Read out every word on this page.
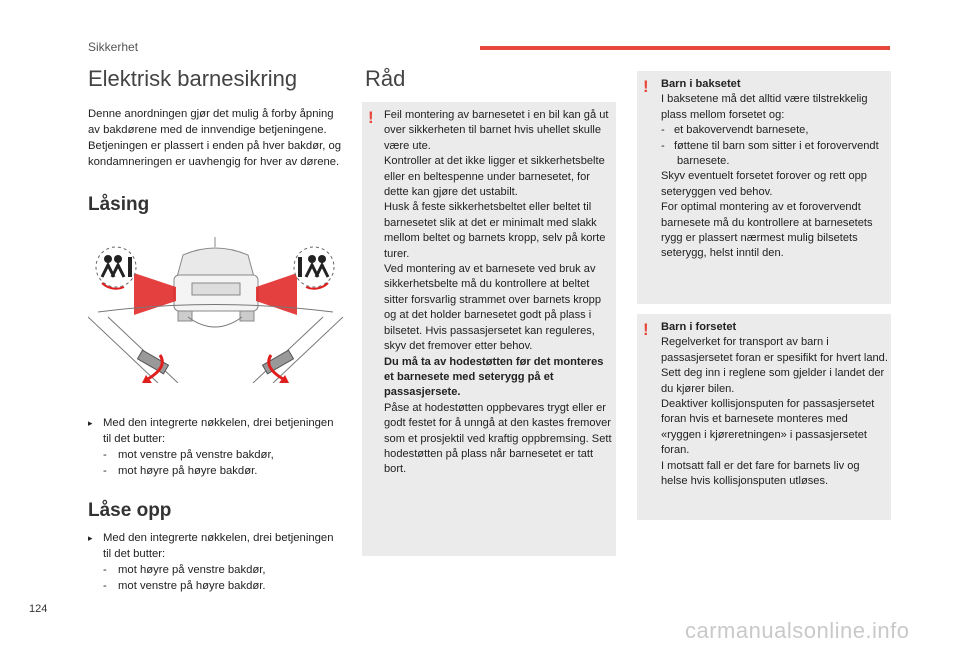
Sikkerhet
124
carmanualsonline.info
Elektrisk barnesikring

Denne anordningen gjør det mulig å forby åpning av bakdørene med de innvendige betjeningene.
Betjeningen er plassert i enden på hver bakdør, og kondamneringen er uavhengig for hver av dørene.

Låsing
▸ Med den integrerte nøkkelen, drei betjeningen til det butter:
- mot venstre på venstre bakdør,
- mot høyre på høyre bakdør.
Låse opp
▸ Med den integrerte nøkkelen, drei betjeningen til det butter:
- mot høyre på venstre bakdør,
- mot venstre på høyre bakdør.
Råd
! Feil montering av barnesetet i en bil kan gå ut over sikkerheten til barnet hvis uhellet skulle være ute.
Kontroller at det ikke ligger et sikkerhetsbelte eller en beltespenne under barnesetet, for dette kan gjøre det ustabilt.
Husk å feste sikkerhetsbeltet eller beltet til barnesetet slik at det er minimalt med slakk mellom beltet og barnets kropp, selv på korte turer.
Ved montering av et barnesete ved bruk av sikkerhetsbelte må du kontrollere at beltet sitter forsvarlig strammet over barnets kropp og at det holder barnesetet godt på plass i bilsetet. Hvis passasjersetet kan reguleres, skyv det fremover etter behov.
Du må ta av hodestøtten før det monteres et barnesete med seterygg på et passasjersete.
Påse at hodestøtten oppbevares trygt eller er godt festet for å unngå at den kastes fremover som et prosjektil ved kraftig oppbremsing. Sett hodestøtten på plass når barnesetet er tatt bort.
! Barn i baksetet
I baksetene må det alltid være tilstrekkelig plass mellom forsetet og:
-   et bakovervendt barnesete,
-   føttene til barn som sitter i et forovervendt barnesete.
Skyv eventuelt forsetet forover og rett opp seteryggen ved behov.
For optimal montering av et forovervendt barnesete må du kontrollere at barnesetets rygg er plassert nærmest mulig bilsetets seterygg, helst inntil den.
! Barn i forsetet
Regelverket for transport av barn i passasjersetet foran er spesifikt for hvert land. Sett deg inn i reglene som gjelder i landet der du kjører bilen.
Deaktiver kollisjonsputen for passasjersetet foran hvis et barnesete monteres med «ryggen i kjøreretningen» i passasjersetet foran.
I motsatt fall er det fare for barnets liv og helse hvis kollisjonsputen utløses.
